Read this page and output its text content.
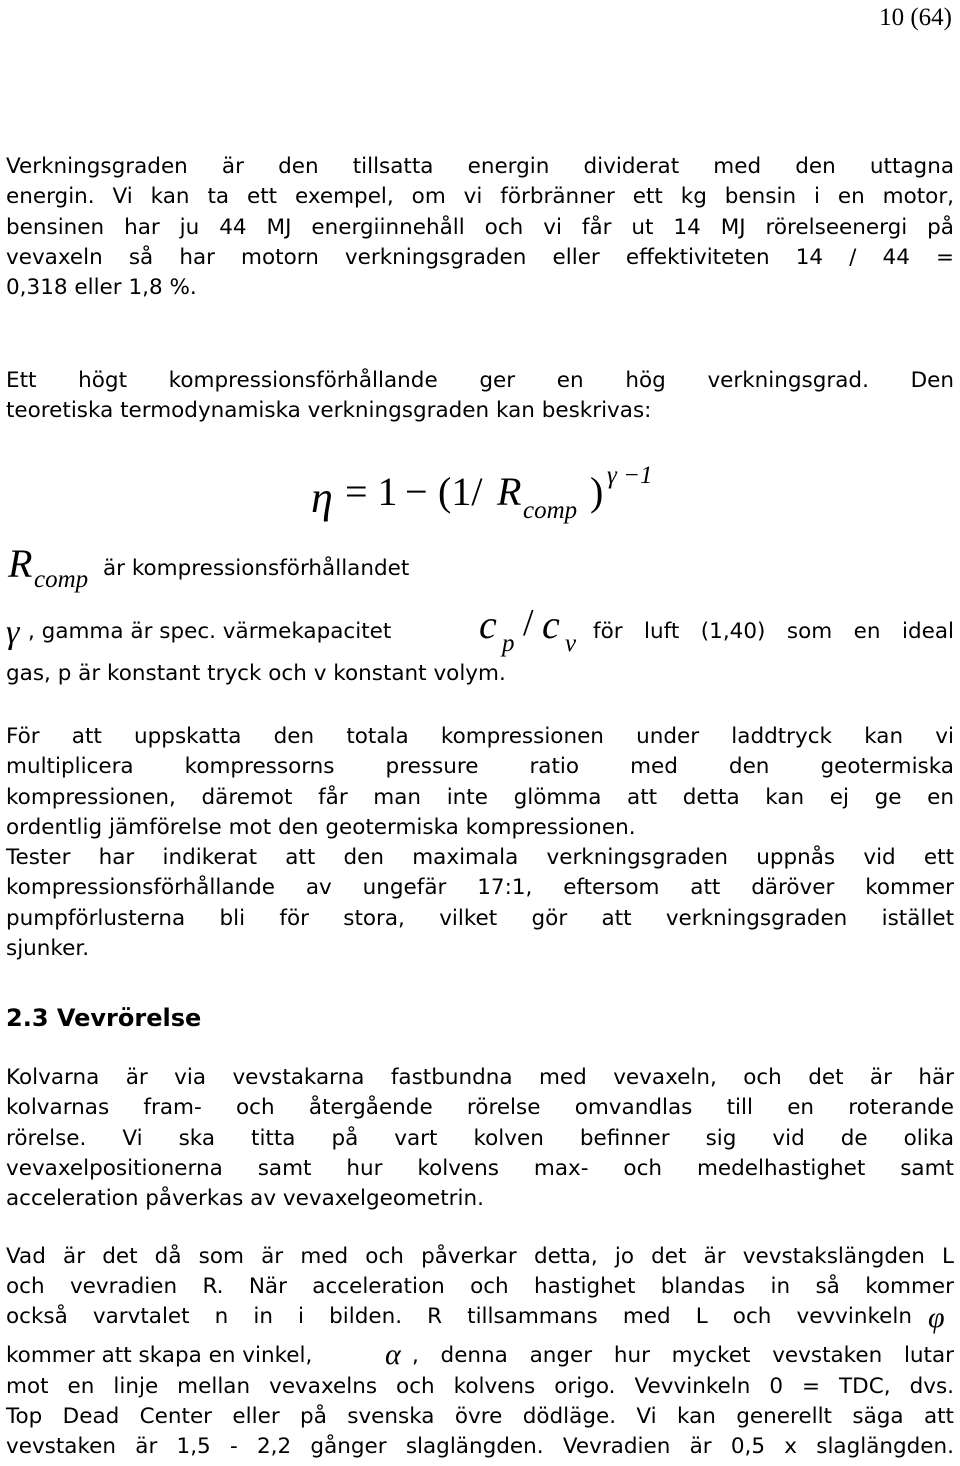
10 (64)
Verkningsgraden är den tillsatta energin dividerat med den uttagna
energin. Vi kan ta ett exempel, om vi förbränner ett kg bensin i en motor,
bensinen har ju 44 MJ energiinnehåll och vi får ut 14 MJ rörelseenergi på
vevaxeln så har motorn verkningsgraden eller effektiviteten 14 / 44 =
0,318 eller 1,8 %.
Ett högt kompressionsförhållande ger en hög verkningsgrad. Den
teoretiska termodynamiska verkningsgraden kan beskrivas:
η = 1 − (1/ R comp ) γ −1
R comp är kompressionsförhållandet
γ , gamma är spec. värmekapacitet c p / c v för luft (1,40) som en ideal
gas, p är konstant tryck och v konstant volym.
För att uppskatta den totala kompressionen under laddtryck kan vi
multiplicera kompressorns pressure ratio med den geotermiska
kompressionen, däremot får man inte glömma att detta kan ej ge en
ordentlig jämförelse mot den geotermiska kompressionen.
Tester har indikerat att den maximala verkningsgraden uppnås vid ett
kompressionsförhållande av ungefär 17:1, eftersom att däröver kommer
pumpförlusterna bli för stora, vilket gör att verkningsgraden istället
sjunker.
2.3 Vevrörelse
Kolvarna är via vevstakarna fastbundna med vevaxeln, och det är här
kolvarnas fram- och återgående rörelse omvandlas till en roterande
rörelse. Vi ska titta på vart kolven befinner sig vid de olika
vevaxelpositionerna samt hur kolvens max- och medelhastighet samt
acceleration påverkas av vevaxelgeometrin.
Vad är det då som är med och påverkar detta, jo det är vevstakslängden L
och vevradien R. När acceleration och hastighet blandas in så kommer
också varvtalet n in i bilden. R tillsammans med L och vevvinkeln φ
kommer att skapa en vinkel, α , denna anger hur mycket vevstaken lutar
mot en linje mellan vevaxelns och kolvens origo. Vevvinkeln 0 = TDC, dvs.
Top Dead Center eller på svenska övre dödläge. Vi kan generellt säga att
vevstaken är 1,5 - 2,2 gånger slaglängden. Vevradien är 0,5 x slaglängden.
